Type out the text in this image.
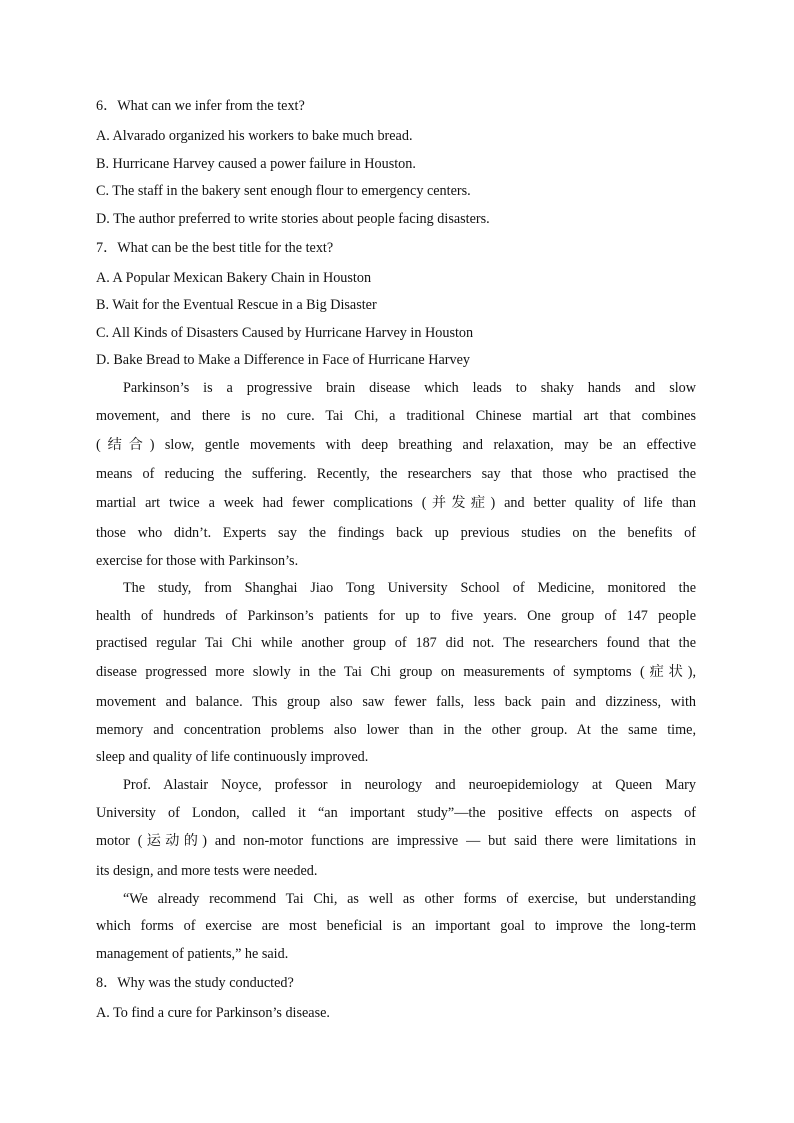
6．What can we infer from the text?
A. Alvarado organized his workers to bake much bread.
B. Hurricane Harvey caused a power failure in Houston.
C. The staff in the bakery sent enough flour to emergency centers.
D. The author preferred to write stories about people facing disasters.
7．What can be the best title for the text?
A. A Popular Mexican Bakery Chain in Houston
B. Wait for the Eventual Rescue in a Big Disaster
C. All Kinds of Disasters Caused by Hurricane Harvey in Houston
D. Bake Bread to Make a Difference in Face of Hurricane Harvey
Parkinson’s is a progressive brain disease which leads to shaky hands and slow
movement, and there is no cure. Tai Chi, a traditional Chinese martial art that combines
(结合) slow, gentle movements with deep breathing and relaxation, may be an effective
means of reducing the suffering. Recently, the researchers say that those who practised the
martial art twice a week had fewer complications (并发症) and better quality of life than
those who didn’t. Experts say the findings back up previous studies on the benefits of
exercise for those with Parkinson’s.
The study, from Shanghai Jiao Tong University School of Medicine, monitored the
health of hundreds of Parkinson’s patients for up to five years. One group of 147 people
practised regular Tai Chi while another group of 187 did not. The researchers found that the
disease progressed more slowly in the Tai Chi group on measurements of symptoms (症状),
movement and balance. This group also saw fewer falls, less back pain and dizziness, with
memory and concentration problems also lower than in the other group. At the same time,
sleep and quality of life continuously improved.
Prof. Alastair Noyce, professor in neurology and neuroepidemiology at Queen Mary
University of London, called it “an important study”—the positive effects on aspects of
motor (运动的) and non-motor functions are impressive — but said there were limitations in
its design, and more tests were needed.
“We already recommend Tai Chi, as well as other forms of exercise, but understanding
which forms of exercise are most beneficial is an important goal to improve the long-term
management of patients,” he said.
8．Why was the study conducted?
A. To find a cure for Parkinson’s disease.
